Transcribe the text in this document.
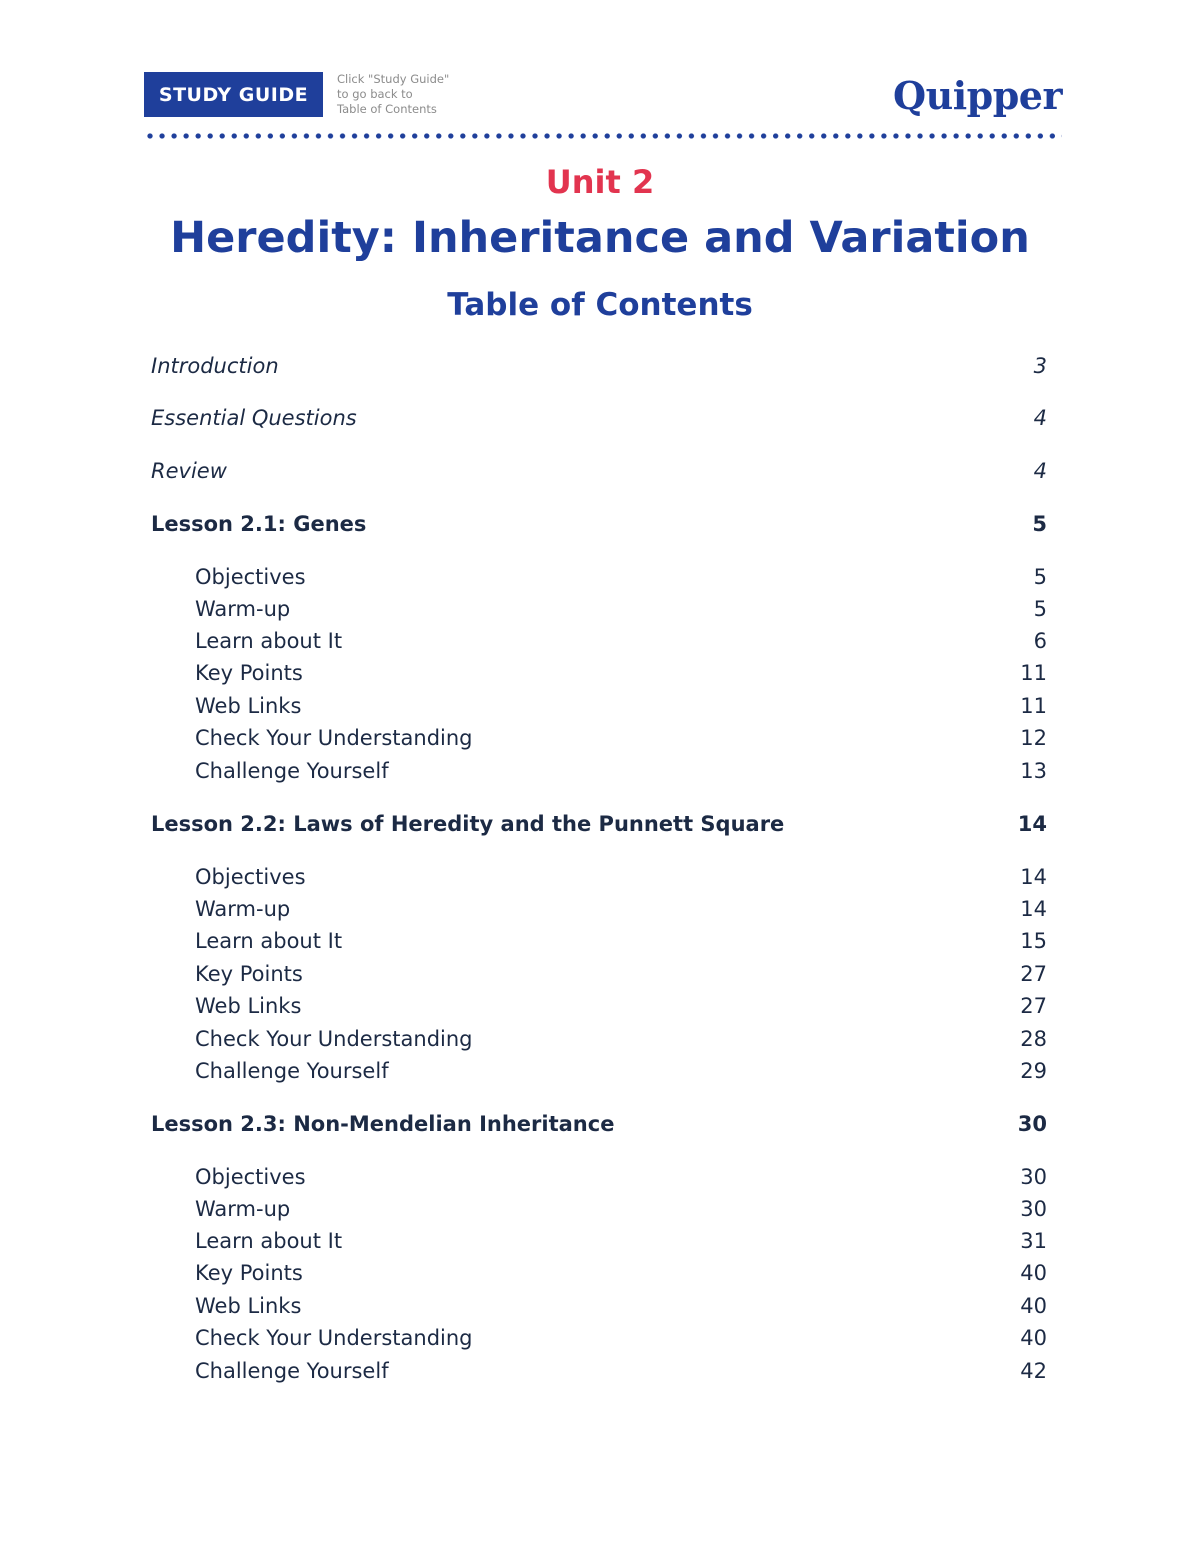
STUDY GUIDE
Click "Study Guide"
to go back to
Table of Contents	Quipper
Unit 2
Heredity: Inheritance and Variation
Table of Contents
Introduction	3
Essential Questions	4
Review	4
Lesson 2.1: Genes	5
Objectives	5
Warm-up	5
Learn about It	6
Key Points	11
Web Links	11
Check Your Understanding	12
Challenge Yourself	13
Lesson 2.2: Laws of Heredity and the Punnett Square	14
Objectives	14
Warm-up	14
Learn about It	15
Key Points	27
Web Links	27
Check Your Understanding	28
Challenge Yourself	29
Lesson 2.3: Non-Mendelian Inheritance	30
Objectives	30
Warm-up	30
Learn about It	31
Key Points	40
Web Links	40
Check Your Understanding	40
Challenge Yourself	42
